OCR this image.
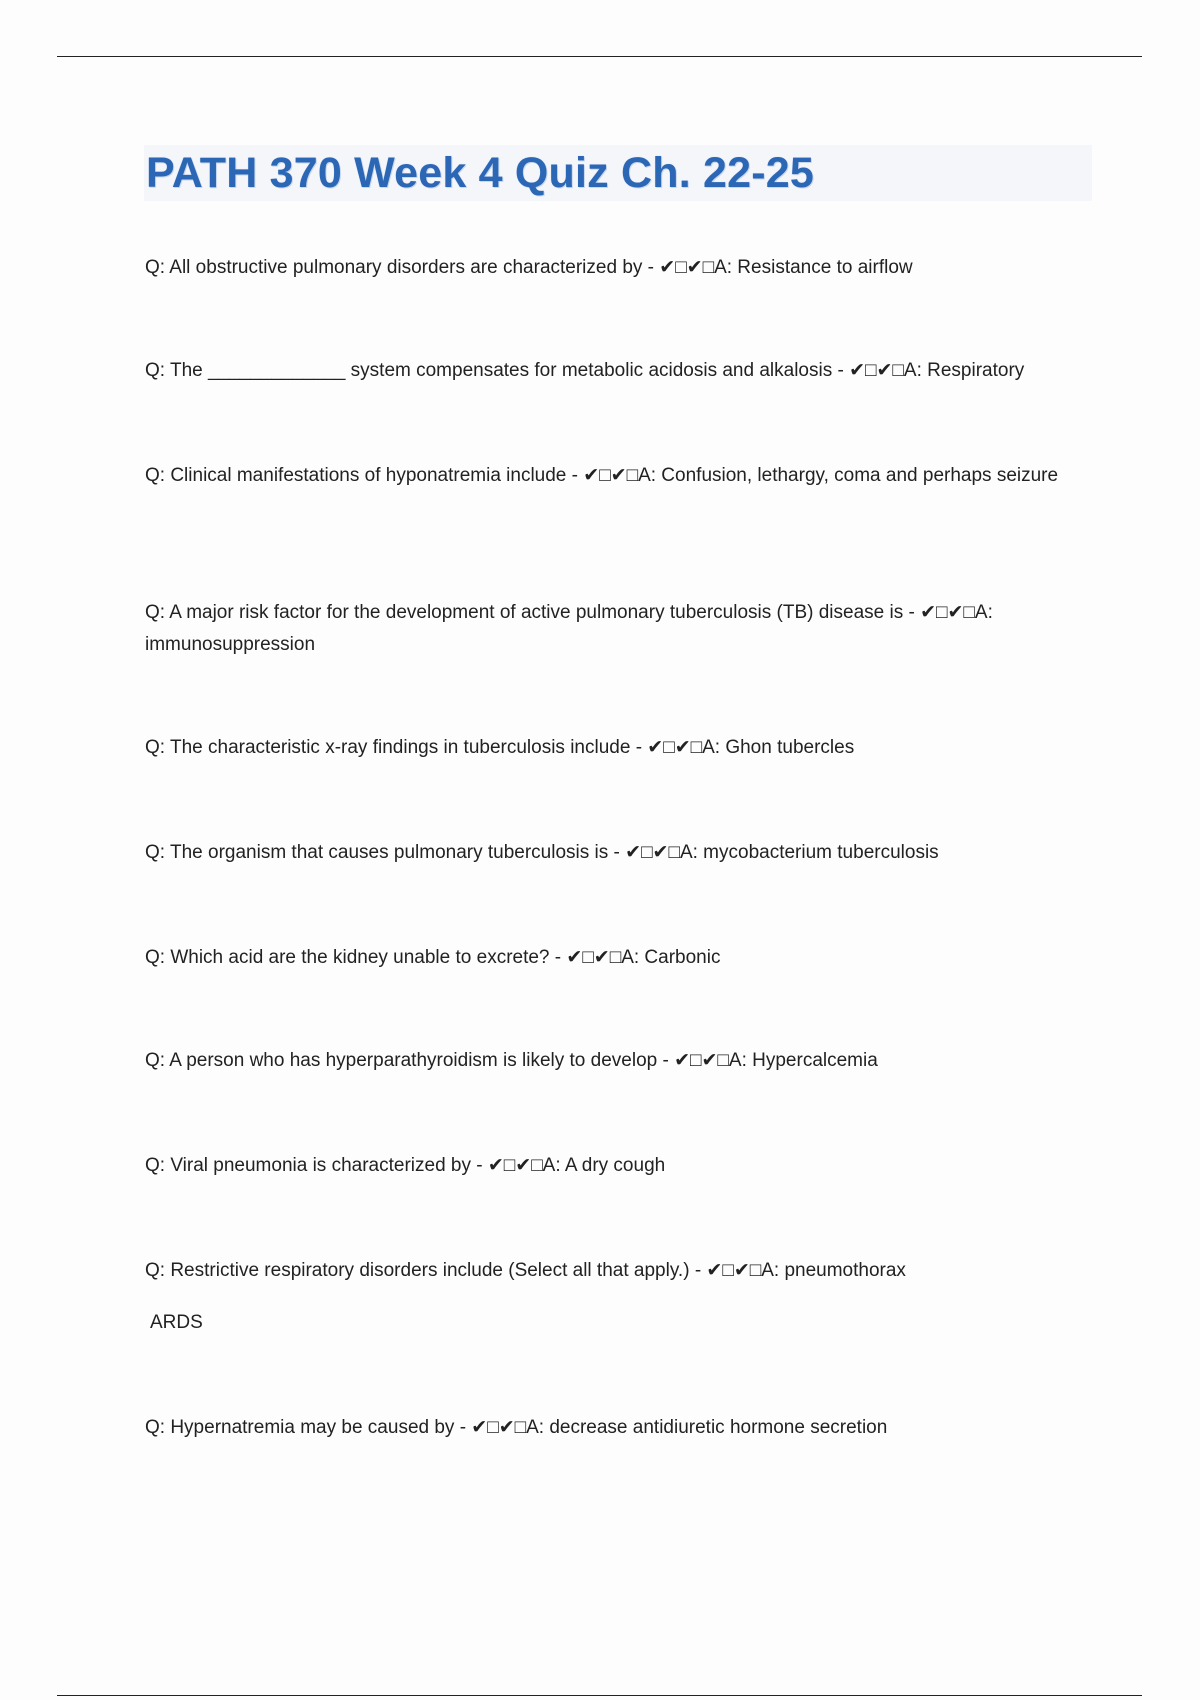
PATH 370 Week 4 Quiz Ch. 22-25

Q: All obstructive pulmonary disorders are characterized by - ✔□✔□A: Resistance to airflow

Q: The _____________ system compensates for metabolic acidosis and alkalosis - ✔□✔□A: Respiratory

Q: Clinical manifestations of hyponatremia include - ✔□✔□A: Confusion, lethargy, coma and perhaps seizure

Q: A major risk factor for the development of active pulmonary tuberculosis (TB) disease is - ✔□✔□A: immunosuppression

Q: The characteristic x-ray findings in tuberculosis include - ✔□✔□A: Ghon tubercles

Q: The organism that causes pulmonary tuberculosis is - ✔□✔□A: mycobacterium tuberculosis

Q: Which acid are the kidney unable to excrete? - ✔□✔□A: Carbonic

Q: A person who has hyperparathyroidism is likely to develop - ✔□✔□A: Hypercalcemia

Q: Viral pneumonia is characterized by - ✔□✔□A: A dry cough

Q: Restrictive respiratory disorders include (Select all that apply.) - ✔□✔□A: pneumothorax

ARDS

Q: Hypernatremia may be caused by - ✔□✔□A: decrease antidiuretic hormone secretion
